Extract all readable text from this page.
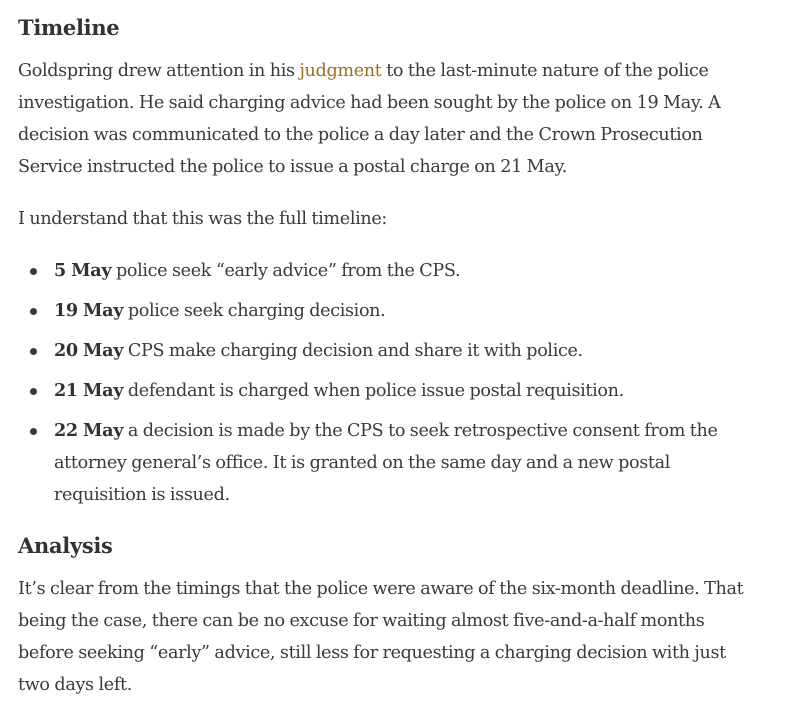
Timeline

Goldspring drew attention in his judgment to the last-minute nature of the police investigation. He said charging advice had been sought by the police on 19 May. A decision was communicated to the police a day later and the Crown Prosecution Service instructed the police to issue a postal charge on 21 May.

I understand that this was the full timeline:

5 May police seek “early advice” from the CPS.
19 May police seek charging decision.
20 May CPS make charging decision and share it with police.
21 May defendant is charged when police issue postal requisition.
22 May a decision is made by the CPS to seek retrospective consent from the attorney general’s office. It is granted on the same day and a new postal requisition is issued.
Analysis

It’s clear from the timings that the police were aware of the six-month deadline. That being the case, there can be no excuse for waiting almost five-and-a-half months before seeking “early” advice, still less for requesting a charging decision with just two days left.
